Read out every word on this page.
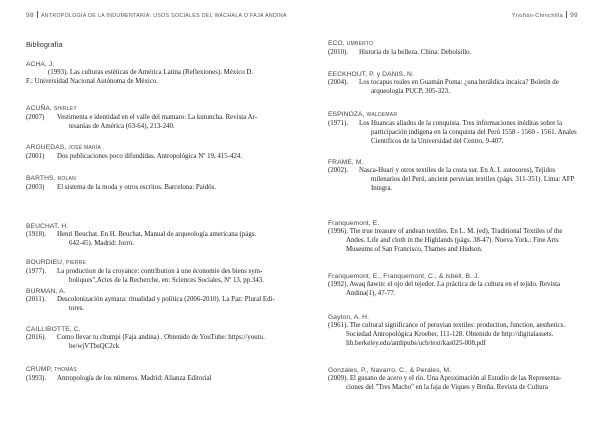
98 ANTROPOLOGÍA DE LA INDUMENTARIA: USOS SOCIALES DEL WACHALA O FAJA ANDINA
Bibliografía
ACHA, J.
(1993). Las culturas estéticas de América Latina (Reflexiones). México D.
F.: Universidad Nacional Autónoma de México.
ACUÑA, SHIRLEY
(2007)	Vestimenta e identidad en el valle del mantaro: La kutuncha. Revista Ar-
tesanías de América (63-64), 213-240.
ARGUEDAS, JOSÉ MARÍA
(2001)	Dos publicaciones poco difundidas. Antropológica Nº 19, 415-424.
BARTHS, ROLAN
(2003)	El sistema de la moda y otros escritos. Barcelona: Paidós.
BEUCHAT, H.
(1918).	Henri Beuchat. En H. Beuchat, Manual de arqueología americana (págs.
642-45). Madrid: Jorro.
BOURDIEU, PIERRE
(1977).	La production de la croyance: contribution à une économie des biens sym-
boliques",Actes de la Recherche, en: Sciences Sociales, Nº 13, pp.343.
BURMAN, A.
(2011).	Descolonización aymara: ritualidad y política (2006-2010). La Paz: Plural Edi-
tores.
CAILLIBOTTE, C.
(2016).	Como llevar tu chumpi (Faja andina) . Obtenido de YouTube: https://youtu.
be/wjVTbsQC2ck
CRUMP, THOMAS
(1993).	Antropología de los números. Madrid: Alianza Editorial
Ynoñán-Chinchilla 99
ECO, UMBERTO
(2010).	Historia de la belleza. China: Debolsillo.
EECKHOUT, P. y DANIS, N.
(2004).	Los tocapus reales en Guamán Poma: ¿una heráldica incaica? Boletín de
arqueología PUCP, 305-323.
ESPINOZA, WALDEMAR
(1971).	Los Huancas aliados de la conquista. Tres informaciones inéditas sobre la
participación indígena en la conquista del Perú 1558 - 1560 - 1561. Anales
Científicos de la Universidad del Centro, 9-407.
FRAME, M.
(2002).	Nasca-Huari y otros textiles de la costa sur. En A. I. autosores), Tejidos
milenarios del Perú, ancient peruvian textiles (págs. 311-351). Lima: AFP
Integra.
Franquemont, E.
(1996). The true treasure of andean textiles. En L. M. (ed), Traditional Textiles of the
Andes. Life and cloth in the Highlands (págs. 38-47). Nueva York.: Fine Arts
Museums of San Francisco, Thames and Hudson.
Franquemont, E., Franquemont, C., & Isbell, B. J.
(1992). Awaq ñawin: el ojo del tejedor. La práctica de la cultura en el tejido. Revista
Andina(1), 47-77.
Gayton, A. H.
(1961). The cultural significance of peruvian textiles: production, function, aesthetics.
Sociedad Antropológica Kroeber, 111-128. Obtenido de http://digitalassets.
lib.berkeley.edu/anthpubs/ucb/text/kas025-008.pdf
Gonzales, P., Navarro, C., & Perales, M.
(2009). El gusano de acero y el río. Una Aproximación al Estudio de las Representa-
ciones del "Tres Macho" en la faja de Viques y Breña. Revista de Cultura
